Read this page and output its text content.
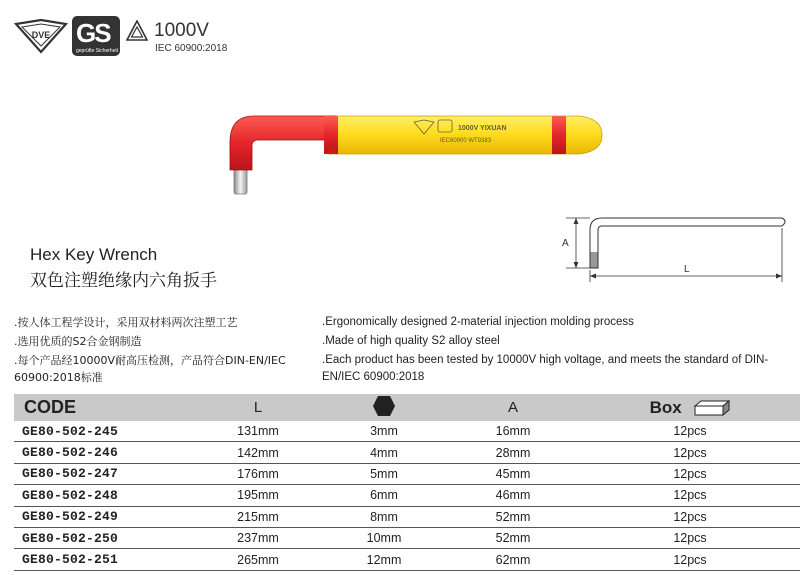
DVE GS
geprüfte Sicherheit
1000V
IEC 60900:2018
1000V YIXUAN
IEC60900 WT9383
A
L
Hex Key Wrench
双色注塑绝缘内六角扳手

.按人体工程学设计，采用双材料两次注塑工艺

.选用优质的S2合金钢制造

.每个产品经10000V耐高压检测，产品符合DIN-EN/IEC 60900:2018标准

.Ergonomically designed 2-material injection molding process

.Made of high quality S2 alloy steel

.Each product has been tested by 10000V high voltage, and meets the standard of DIN-EN/IEC 60900:2018

CODE	L		A	Box
GE80-502-245	131mm	3mm	16mm	12pcs
GE80-502-246	142mm	4mm	28mm	12pcs
GE80-502-247	176mm	5mm	45mm	12pcs
GE80-502-248	195mm	6mm	46mm	12pcs
GE80-502-249	215mm	8mm	52mm	12pcs
GE80-502-250	237mm	10mm	52mm	12pcs
GE80-502-251	265mm	12mm	62mm	12pcs
